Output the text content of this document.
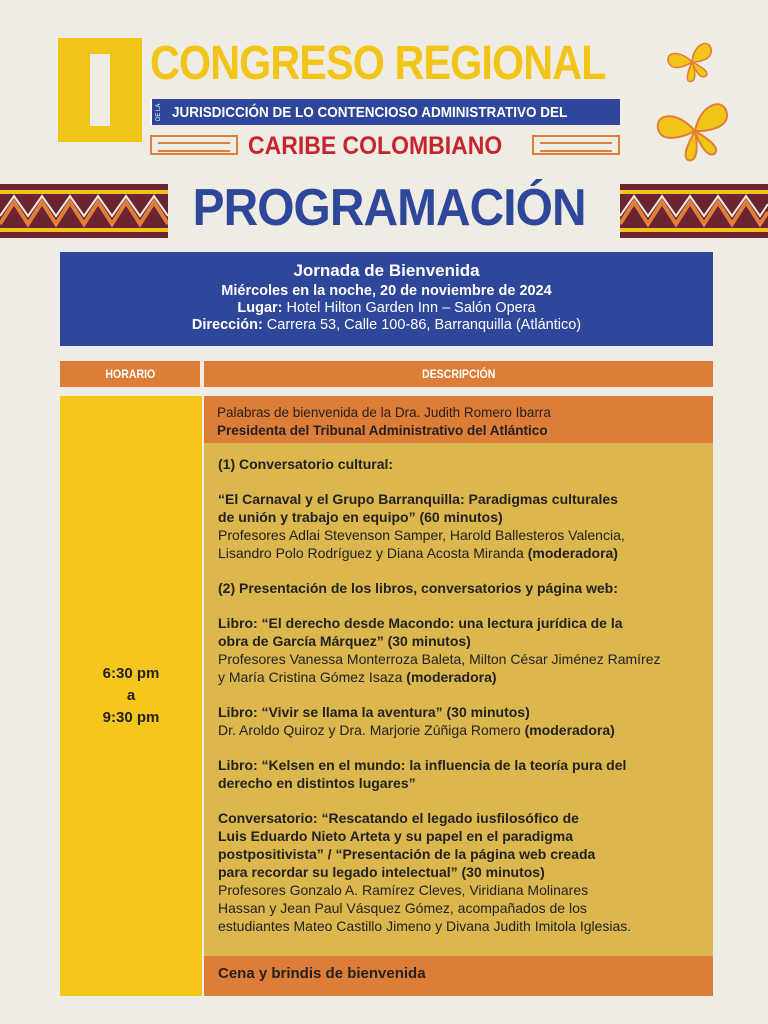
CONGRESO REGIONAL
DE LA JURISDICCIÓN DE LO CONTENCIOSO ADMINISTRATIVO DEL
CARIBE COLOMBIANO
PROGRAMACIÓN
Jornada de Bienvenida
Miércoles en la noche, 20 de noviembre de 2024
Lugar: Hotel Hilton Garden Inn – Salón Opera
Dirección: Carrera 53, Calle 100-86, Barranquilla (Atlántico)
HORARIO	DESCRIPCIÓN
6:30 pm
a
9:30 pm
Palabras de bienvenida de la Dra. Judith Romero Ibarra
Presidenta del Tribunal Administrativo del Atlántico

(1) Conversatorio cultural:

“El Carnaval y el Grupo Barranquilla: Paradigmas culturales
de unión y trabajo en equipo” (60 minutos)
Profesores Adlai Stevenson Samper, Harold Ballesteros Valencia,
Lisandro Polo Rodríguez y Diana Acosta Miranda (moderadora)

(2) Presentación de los libros, conversatorios y página web:

Libro: “El derecho desde Macondo: una lectura jurídica de la
obra de García Márquez” (30 minutos)
Profesores Vanessa Monterroza Baleta, Milton César Jiménez Ramírez
y María Cristina Gómez Isaza (moderadora)

Libro: “Vivir se llama la aventura” (30 minutos)
Dr. Aroldo Quiroz y Dra. Marjorie Zúñiga Romero (moderadora)

Libro: “Kelsen en el mundo: la influencia de la teoría pura del
derecho en distintos lugares”

Conversatorio: “Rescatando el legado iusfilosófico de
Luis Eduardo Nieto Arteta y su papel en el paradigma
postpositivista” / “Presentación de la página web creada
para recordar su legado intelectual” (30 minutos)
Profesores Gonzalo A. Ramírez Cleves, Viridiana Molinares
Hassan y Jean Paul Vásquez Gómez, acompañados de los
estudiantes Mateo Castillo Jimeno y Divana Judith Imitola Iglesias.

Cena y brindis de bienvenida
